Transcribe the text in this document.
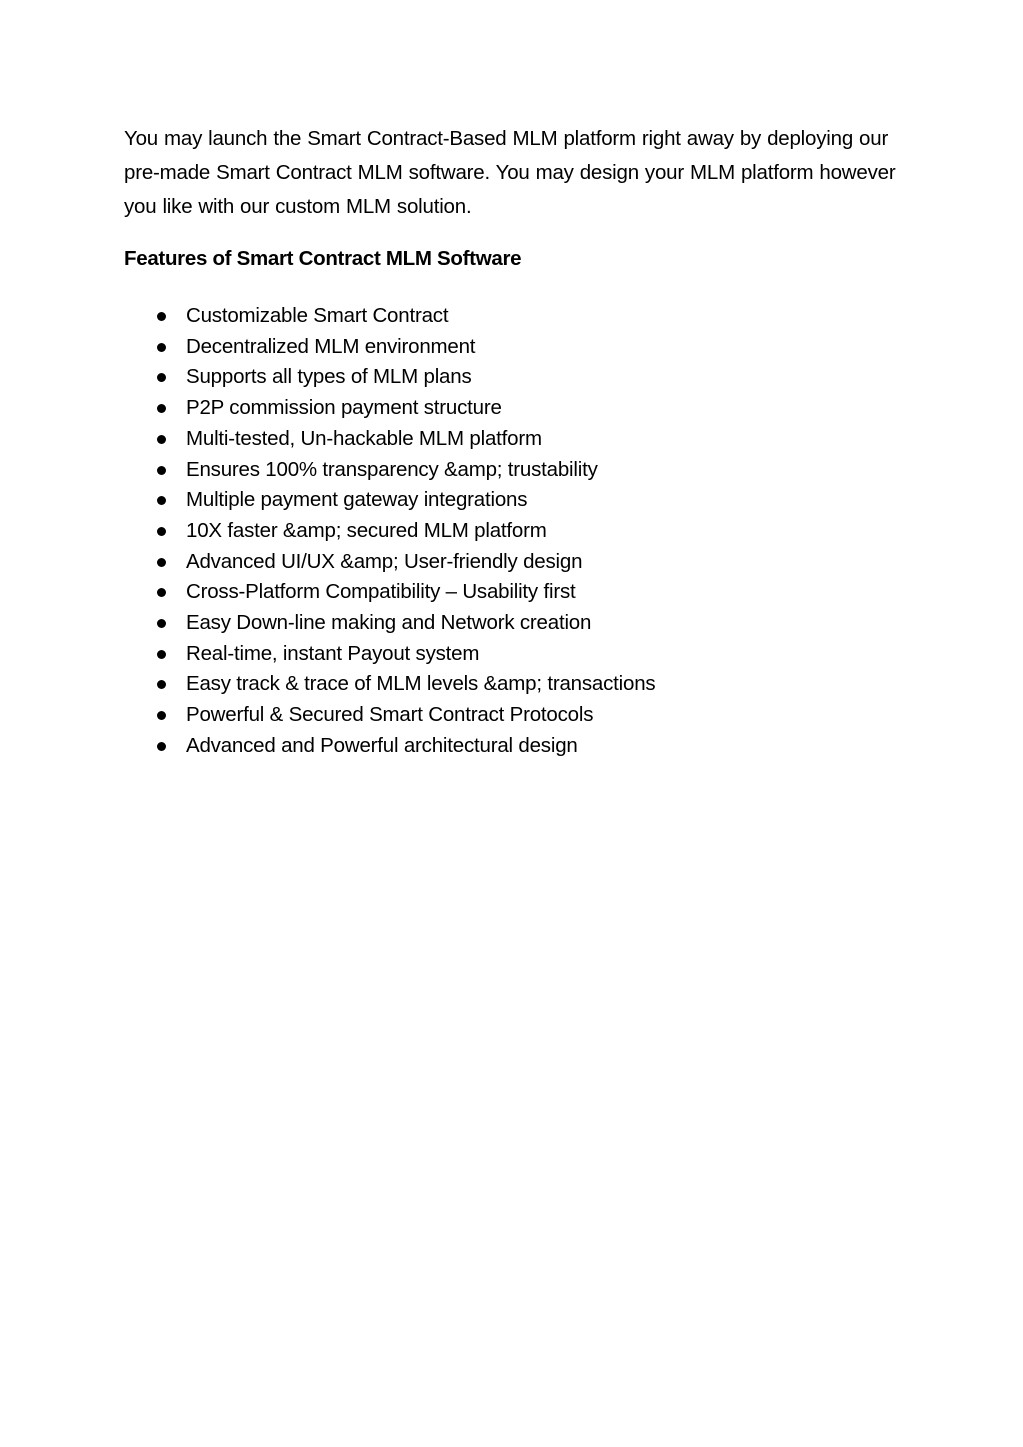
You may launch the Smart Contract-Based MLM platform right away by deploying our pre-made Smart Contract MLM software. You may design your MLM platform however you like with our custom MLM solution.

Features of Smart Contract MLM Software
Customizable Smart Contract
Decentralized MLM environment
Supports all types of MLM plans
P2P commission payment structure
Multi-tested, Un-hackable MLM platform
Ensures 100% transparency &amp; trustability
Multiple payment gateway integrations
10X faster &amp; secured MLM platform
Advanced UI/UX &amp; User-friendly design
Cross-Platform Compatibility – Usability first
Easy Down-line making and Network creation
Real-time, instant Payout system
Easy track & trace of MLM levels &amp; transactions
Powerful & Secured Smart Contract Protocols
Advanced and Powerful architectural design
